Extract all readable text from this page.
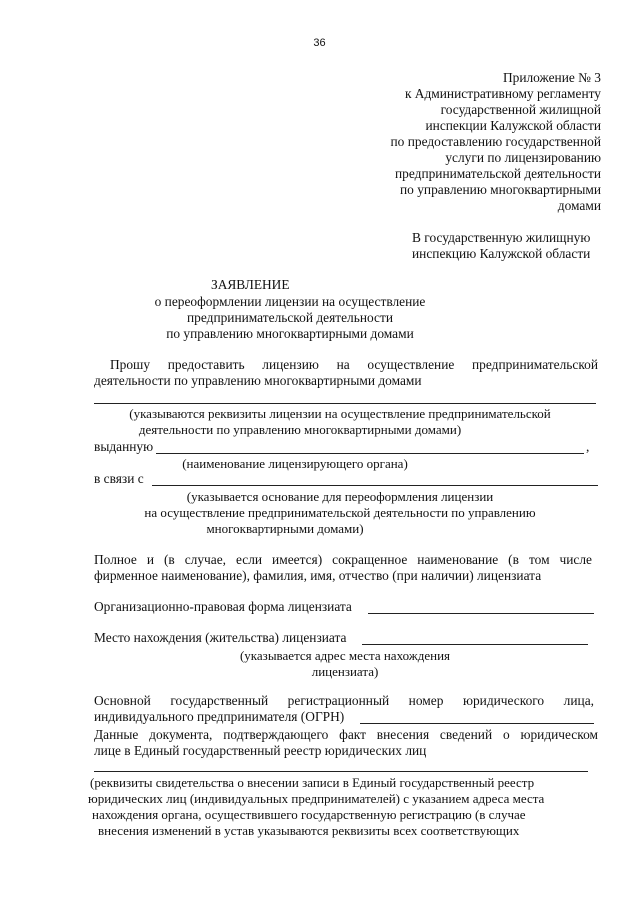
36
Приложение № 3
к Административному регламенту
государственной жилищной
инспекции Калужской области
по предоставлению государственной
услуги по лицензированию
предпринимательской деятельности
по управлению многоквартирными
домами
В государственную жилищную
инспекцию Калужской области
ЗАЯВЛЕНИЕ
о переоформлении лицензии на осуществление
предпринимательской деятельности
по управлению многоквартирными домами
Прошу предоставить лицензию на осуществление предпринимательской
деятельности по управлению многоквартирными домами
(указываются реквизиты лицензии на осуществление предпринимательской
деятельности по управлению многоквартирными домами)
выданную	,
(наименование лицензирующего органа)
в связи с
(указывается основание для переоформления лицензии
на осуществление предпринимательской деятельности по управлению
многоквартирными домами)
Полное и (в случае, если имеется) сокращенное наименование (в том числе
фирменное наименование), фамилия, имя, отчество (при наличии) лицензиата
Организационно-правовая форма лицензиата
Место нахождения (жительства) лицензиата
(указывается адрес места нахождения
лицензиата)
Основной государственный регистрационный номер юридического лица,
индивидуального предпринимателя (ОГРН)
Данные документа, подтверждающего факт внесения сведений о юридическом
лице в Единый государственный реестр юридических лиц
(реквизиты свидетельства о внесении записи в Единый государственный реестр
юридических лиц (индивидуальных предпринимателей) с указанием адреса места
нахождения органа, осуществившего государственную регистрацию (в случае
внесения изменений в устав указываются реквизиты всех соответствующих
